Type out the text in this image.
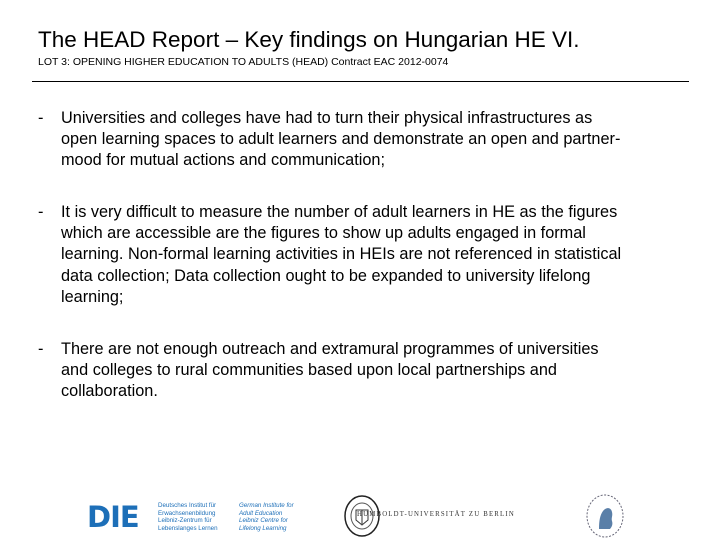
The HEAD Report – Key findings on Hungarian HE VI.
LOT 3: OPENING HIGHER EDUCATION TO ADULTS (HEAD) Contract EAC 2012-0074
- Universities and colleges have had to turn their physical infrastructures as
open learning spaces to adult learners and demonstrate an open and partner-
mood for mutual actions and communication;
- It is very difficult to measure the number of adult learners in HE as the figures
which are accessible are the figures to show up adults engaged in formal
learning. Non-formal learning activities in HEIs are not referenced in statistical
data collection; Data collection ought to be expanded to university lifelong
learning;
- There are not enough outreach and extramural programmes of universities
and colleges to rural communities based upon local partnerships and
collaboration.
DIE	Deutsches Institut für
Erwachsenenbildung
Leibniz-Zentrum für
Lebenslanges Lernen
German Institute for
Adult Education
Leibniz Centre for
Lifelong Learning
HUMBOLDT-UNIVERSITÄT ZU BERLIN
